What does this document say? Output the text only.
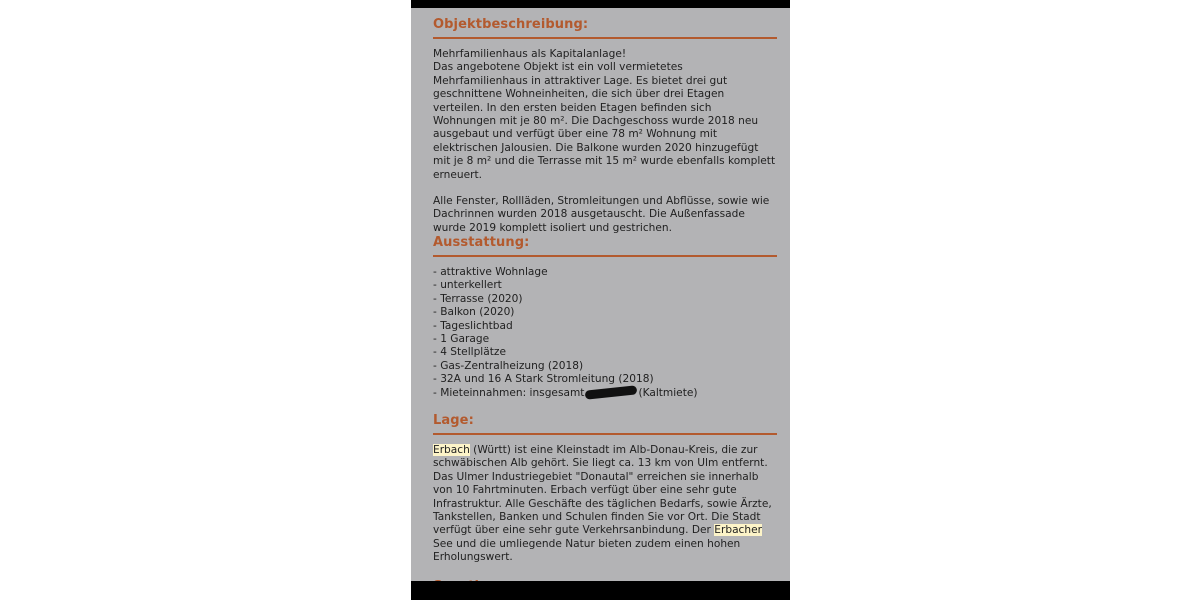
Objektbeschreibung:

Mehrfamilienhaus als Kapitalanlage!

Das angebotene Objekt ist ein voll vermietetes Mehrfamilienhaus in attraktiver Lage. Es bietet drei gut geschnittene Wohneinheiten, die sich über drei Etagen verteilen. In den ersten beiden Etagen befinden sich Wohnungen mit je 80 m². Die Dachgeschoss wurde 2018 neu ausgebaut und verfügt über eine 78 m² Wohnung mit elektrischen Jalousien. Die Balkone wurden 2020 hinzugefügt mit je 8 m² und die Terrasse mit 15 m² wurde ebenfalls komplett erneuert.

Alle Fenster, Rollläden, Stromleitungen und Abflüsse, sowie wie Dachrinnen wurden 2018 ausgetauscht. Die Außenfassade wurde 2019 komplett isoliert und gestrichen.

Ausstattung:
- attraktive Wohnlage
- unterkellert
- Terrasse (2020)
- Balkon (2020)
- Tageslichtbad
- 1 Garage
- 4 Stellplätze
- Gas-Zentralheizung (2018)
- 32A und 16 A Stark Stromleitung (2018)
- Mieteinnahmen: insgesamt	(Kaltmiete)
Lage:

Erbach (Württ) ist eine Kleinstadt im Alb-Donau-Kreis, die zur schwäbischen Alb gehört. Sie liegt ca. 13 km von Ulm entfernt. Das Ulmer Industriegebiet "Donautal" erreichen sie innerhalb von 10 Fahrtminuten. Erbach verfügt über eine sehr gute Infrastruktur. Alle Geschäfte des täglichen Bedarfs, sowie Ärzte, Tankstellen, Banken und Schulen finden Sie vor Ort. Die Stadt verfügt über eine sehr gute Verkehrsanbindung. Der Erbacher See und die umliegende Natur bieten zudem einen hohen Erholungswert.
